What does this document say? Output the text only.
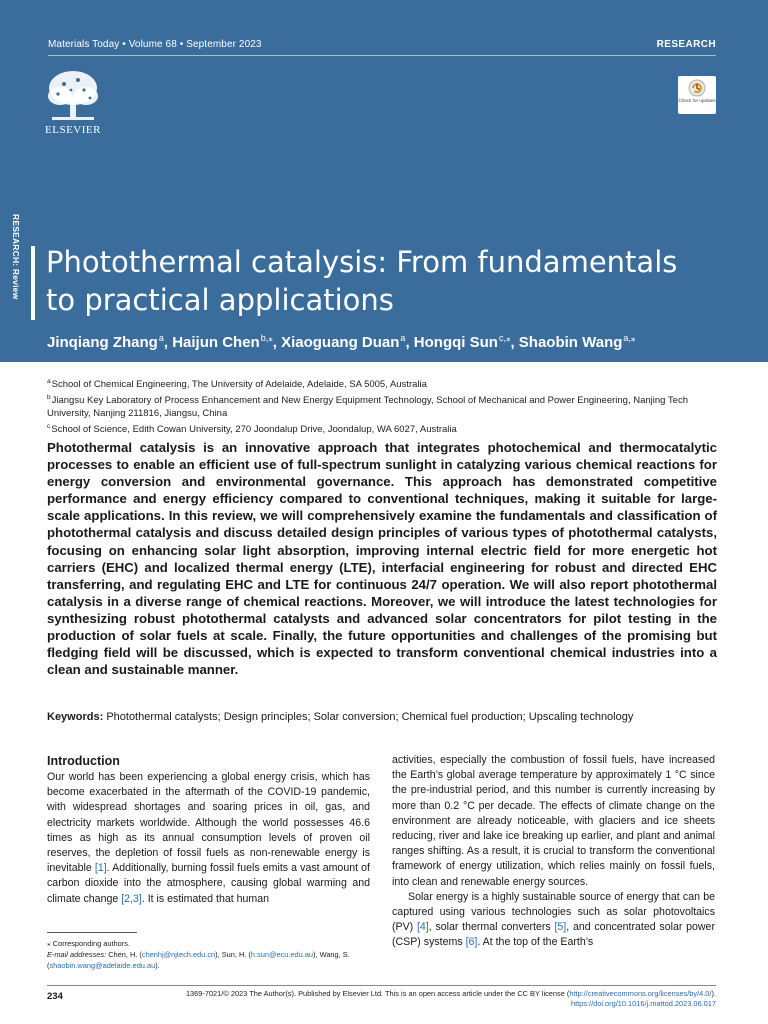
Materials Today • Volume 68 • September 2023	RESEARCH
ELSEVIER
Check for updates
RESEARCH: Review Photothermal catalysis: From fundamentals to practical applications
Jinqiang Zhang$^a$, Haijun Chen$^{b,⁎}$, Xiaoguang Duan$^a$, Hongqi Sun$^{c,⁎}$, Shaobin Wang$^{a,⁎}$
$^a$School of Chemical Engineering, The University of Adelaide, Adelaide, SA 5005, Australia
$^b$Jiangsu Key Laboratory of Process Enhancement and New Energy Equipment Technology, School of Mechanical and Power Engineering, Nanjing Tech University, Nanjing 211816, Jiangsu, China
$^c$School of Science, Edith Cowan University, 270 Joondalup Drive, Joondalup, WA 6027, Australia

Photothermal catalysis is an innovative approach that integrates photochemical and thermocatalytic processes to enable an efficient use of full-spectrum sunlight in catalyzing various chemical reactions for energy conversion and environmental governance. This approach has demonstrated competitive performance and energy efficiency compared to conventional techniques, making it suitable for large-scale applications. In this review, we will comprehensively examine the fundamentals and classification of photothermal catalysis and discuss detailed design principles of various types of photothermal catalysts, focusing on enhancing solar light absorption, improving internal electric field for more energetic hot carriers (EHC) and localized thermal energy (LTE), interfacial engineering for robust and directed EHC transferring, and regulating EHC and LTE for continuous 24/7 operation. We will also report photothermal catalysis in a diverse range of chemical reactions. Moreover, we will introduce the latest technologies for synthesizing robust photothermal catalysts and advanced solar concentrators for pilot testing in the production of solar fuels at scale. Finally, the future opportunities and challenges of the promising but fledging field will be discussed, which is expected to transform conventional chemical industries into a clean and sustainable manner.

Keywords: Photothermal catalysts; Design principles; Solar conversion; Chemical fuel production; Upscaling technology

Introduction

Our world has been experiencing a global energy crisis, which has become exacerbated in the aftermath of the COVID-19 pandemic, with widespread shortages and soaring prices in oil, gas, and electricity markets worldwide. Although the world possesses 46.6 times as high as its annual consumption levels of proven oil reserves, the depletion of fossil fuels as non-renewable energy is inevitable [1]. Additionally, burning fossil fuels emits a vast amount of carbon dioxide into the atmosphere, causing global warming and climate change [2,3]. It is estimated that human

activities, especially the combustion of fossil fuels, have increased the Earth’s global average temperature by approximately 1 °C since the pre-industrial period, and this number is currently increasing by more than 0.2 °C per decade. The effects of climate change on the environment are already noticeable, with glaciers and ice sheets reducing, river and lake ice breaking up earlier, and plant and animal ranges shifting. As a result, it is crucial to transform the conventional framework of energy utilization, which relies mainly on fossil fuels, into clean and renewable energy sources.

Solar energy is a highly sustainable source of energy that can be captured using various technologies such as solar photovoltaics (PV) [4], solar thermal converters [5], and concentrated solar power (CSP) systems [6]. At the top of the Earth’s

⁎ Corresponding authors.
E-mail addresses: Chen, H. (chenhj@njtech.edu.cn), Sun, H. (h.sun@ecu.edu.au), Wang, S. (shaobin.wang@adelaide.edu.au).
234	1369-7021/© 2023 The Author(s). Published by Elsevier Ltd. This is an open access article under the CC BY license (http://creativecommons.org/licenses/by/4.0/).
https://doi.org/10.1016/j.mattod.2023.06.017
